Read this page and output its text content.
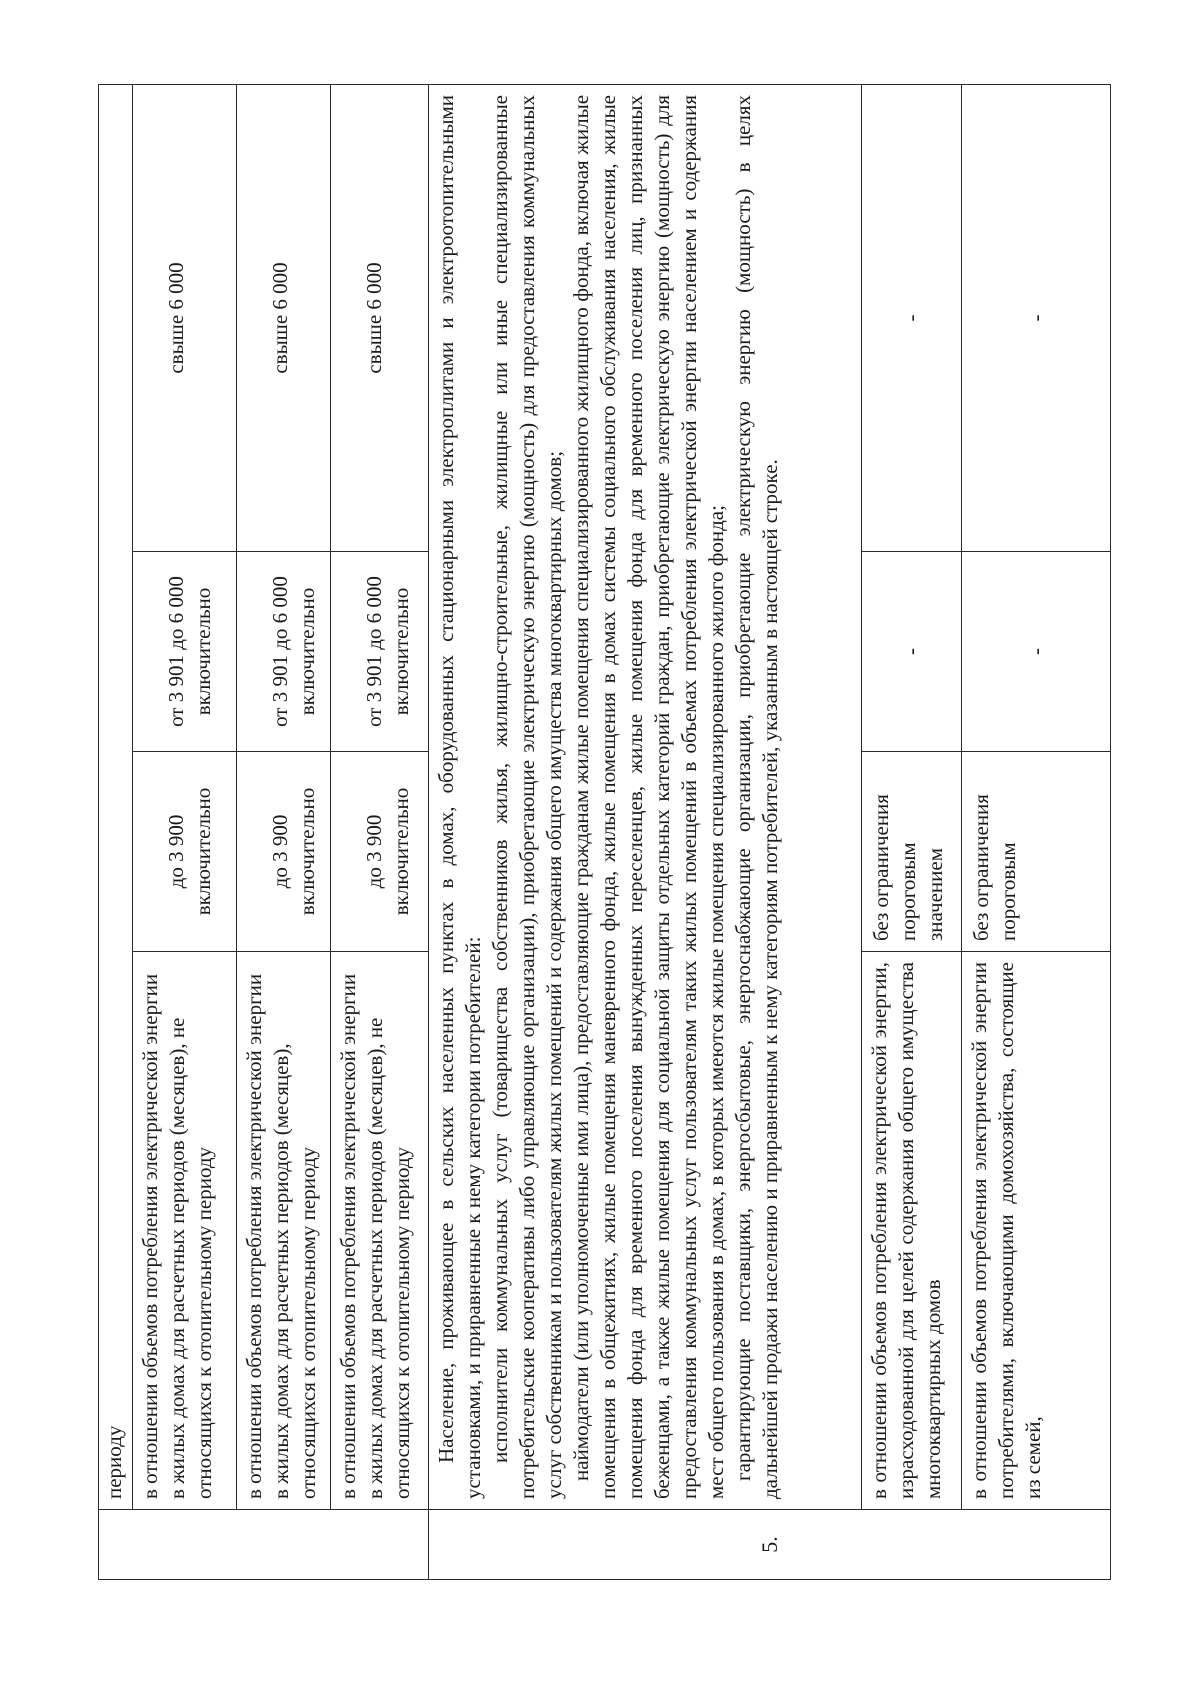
	периоду			
	в отношении объемов потребления электрической энергии в жилых домах для расчетных периодов (месяцев), не относящихся к отопительному периоду	до 3 900 включительно	от 3 901 до 6 000 включительно	свыше 6 000
	в отношении объемов потребления электрической энергии в жилых домах для расчетных периодов (месяцев), относящихся к отопительному периоду	до 3 900 включительно	от 3 901 до 6 000 включительно	свыше 6 000
	в отношении объемов потребления электрической энергии в жилых домах для расчетных периодов (месяцев), не относящихся к отопительному периоду	до 3 900 включительно	от 3 901 до 6 000 включительно	свыше 6 000
5.	Население, проживающее в сельских населенных пунктах в домах, оборудованных стационарными электроплитами и электроотопительными установками, и приравненные к нему категории потребителей: исполнители коммунальных услуг (товарищества собственников жилья, жилищно-строительные, жилищные или иные специализированные потребительские кооперативы либо управляющие организации), приобретающие электрическую энергию (мощность) для предоставления коммунальных услуг собственникам и пользователям жилых помещений и содержания общего имущества многоквартирных домов; наймодатели (или уполномоченные ими лица), предоставляющие гражданам жилые помещения специализированного жилищного фонда, включая жилые помещения в общежитиях, жилые помещения маневренного фонда, жилые помещения в домах системы социального обслуживания населения, жилые помещения фонда для временного поселения вынужденных переселенцев, жилые помещения фонда для временного поселения лиц, признанных беженцами, а также жилые помещения для социальной защиты отдельных категорий граждан, приобретающие электрическую энергию (мощность) для предоставления коммунальных услуг пользователям таких жилых помещений в объемах потребления электрической энергии населением и содержания мест общего пользования в домах, в которых имеются жилые помещения специализированного жилого фонда; гарантирующие поставщики, энергосбытовые, энергоснабжающие организации, приобретающие электрическую энергию (мощность) в целях дальнейшей продажи населению и приравненным к нему категориям потребителей, указанным в настоящей строке.			

	в отношении объемов потребления электрической энергии, израсходованной для целей содержания общего имущества многоквартирных домов	без ограничения пороговым значением	-	-
	в отношении объемов потребления электрической энергии потребителями, включающими домохозяйства, состоящие из семей,	без ограничения пороговым	-	-
